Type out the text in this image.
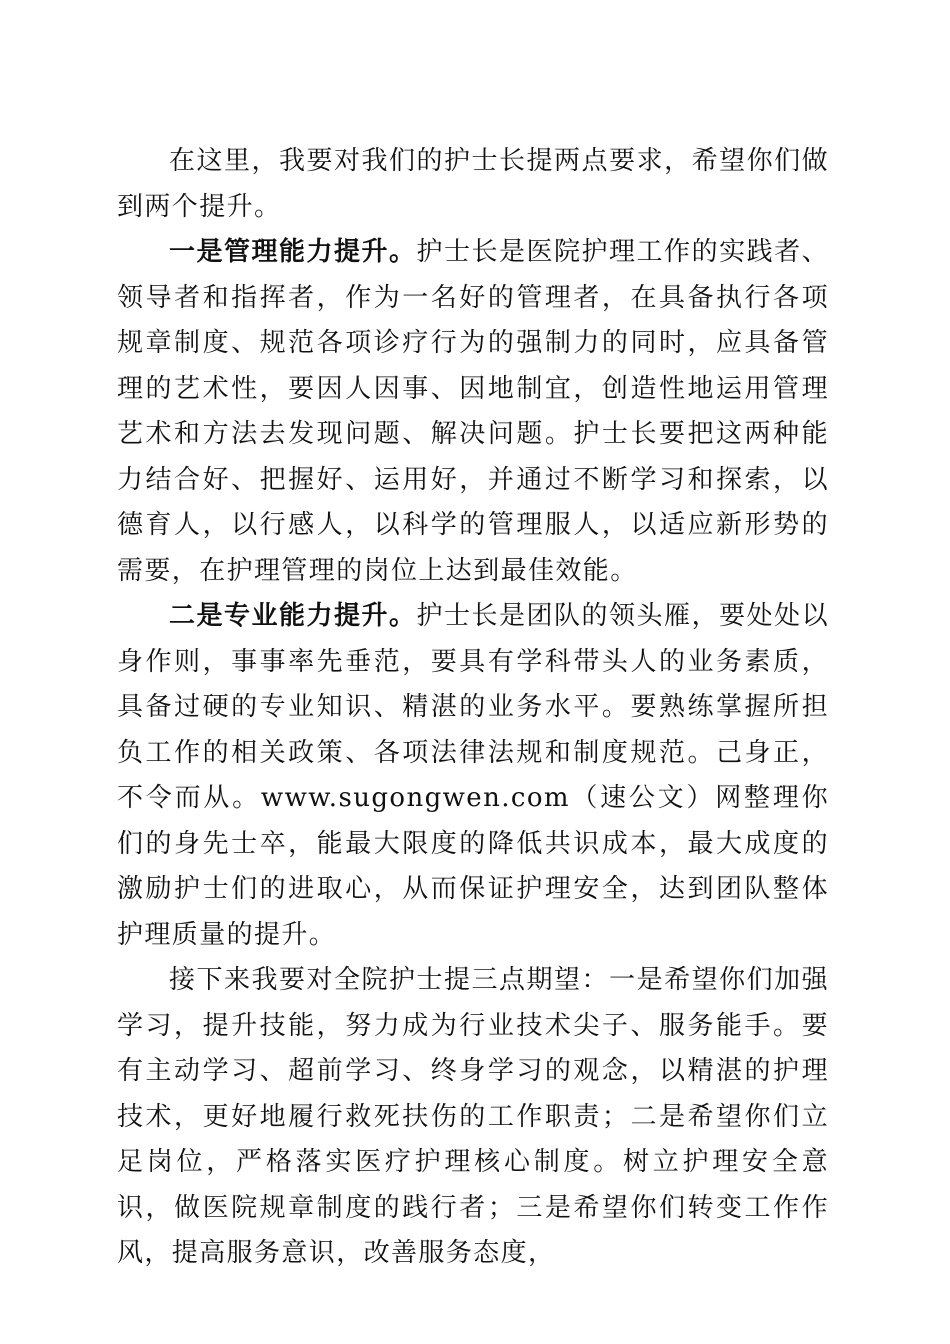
在这里，我要对我们的护士长提两点要求，希望你们做到两个提升。

一是管理能力提升。护士长是医院护理工作的实践者、领导者和指挥者，作为一名好的管理者，在具备执行各项规章制度、规范各项诊疗行为的强制力的同时，应具备管理的艺术性，要因人因事、因地制宜，创造性地运用管理艺术和方法去发现问题、解决问题。护士长要把这两种能力结合好、把握好、运用好，并通过不断学习和探索，以德育人，以行感人，以科学的管理服人，以适应新形势的需要，在护理管理的岗位上达到最佳效能。

二是专业能力提升。护士长是团队的领头雁，要处处以身作则，事事率先垂范，要具有学科带头人的业务素质，具备过硬的专业知识、精湛的业务水平。要熟练掌握所担负工作的相关政策、各项法律法规和制度规范。己身正，不令而从。www.sugongwen.com（速公文）网整理你们的身先士卒，能最大限度的降低共识成本，最大成度的激励护士们的进取心，从而保证护理安全，达到团队整体护理质量的提升。

接下来我要对全院护士提三点期望：一是希望你们加强学习，提升技能，努力成为行业技术尖子、服务能手。要有主动学习、超前学习、终身学习的观念，以精湛的护理技术，更好地履行救死扶伤的工作职责；二是希望你们立足岗位，严格落实医疗护理核心制度。树立护理安全意识，做医院规章制度的践行者；三是希望你们转变工作作风，提高服务意识，改善服务态度，
